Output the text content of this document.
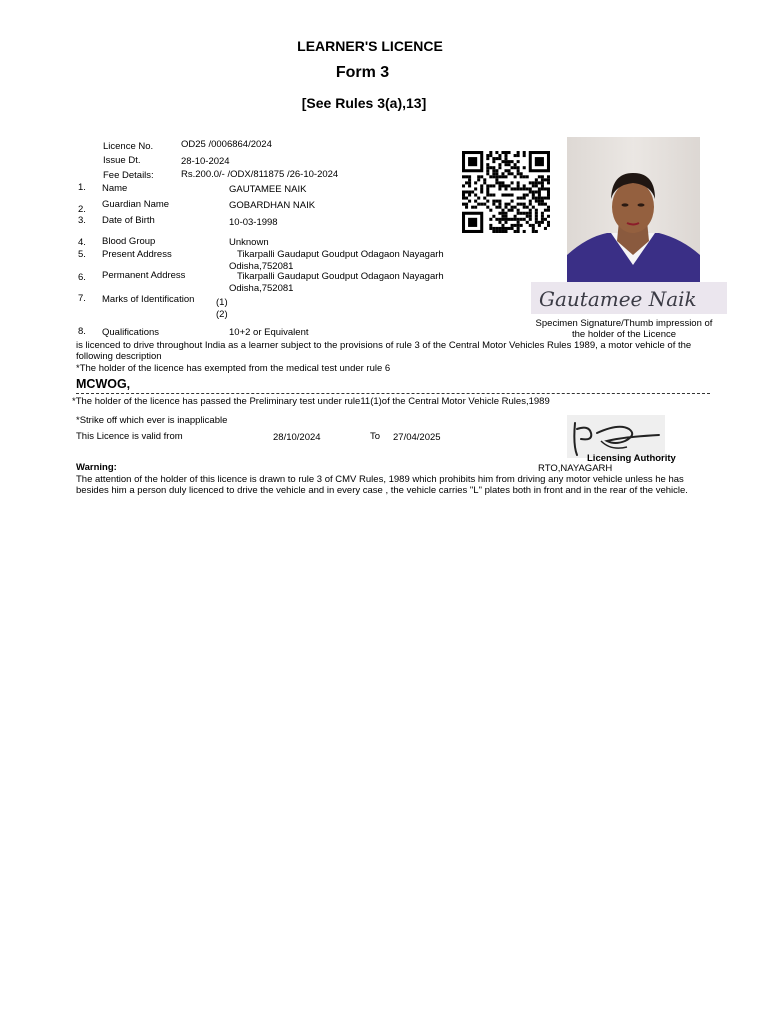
LEARNER'S LICENCE
Form 3
[See Rules 3(a),13]
Licence No.	OD25 /0006864/2024
Issue Dt.	28-10-2024
Fee Details:	Rs.200.0/- /ODX/811875 /26-10-2024
1. Name	GAUTAMEE NAIK
2. Guardian Name	GOBARDHAN NAIK
3. Date of Birth	10-03-1998
4. Blood Group	Unknown
5. Present Address	Tikarpalli Gaudaput Goudput Odagaon Nayagarh
Odisha,752081
6. Permanent Address	Tikarpalli Gaudaput Goudput Odagaon Nayagarh
Odisha,752081
7. Marks of Identification (1)
(2)
8. Qualifications	10+2 or Equivalent
Gautamee Naik
Specimen Signature/Thumb impression of
the holder of the Licence
is licenced to drive throughout India as a learner subject to the provisions of rule 3 of the Central Motor Vehicles Rules 1989, a motor vehicle of the following description
*The holder of the licence has exempted from the medical test under rule 6
MCWOG,
*The holder of the licence has passed the Preliminary test under rule11(1)of the Central Motor Vehicle Rules,1989
*Strike off which ever is inapplicable
This Licence is valid from	28/10/2024	To 27/04/2025
Licensing Authority
RTO,NAYAGARH
Warning:
The attention of the holder of this licence is drawn to rule 3 of CMV Rules, 1989 which prohibits him from driving any motor vehicle unless he has besides him a person duly licenced to drive the vehicle and in every case , the vehicle carries "L" plates both in front and in the rear of the vehicle.
